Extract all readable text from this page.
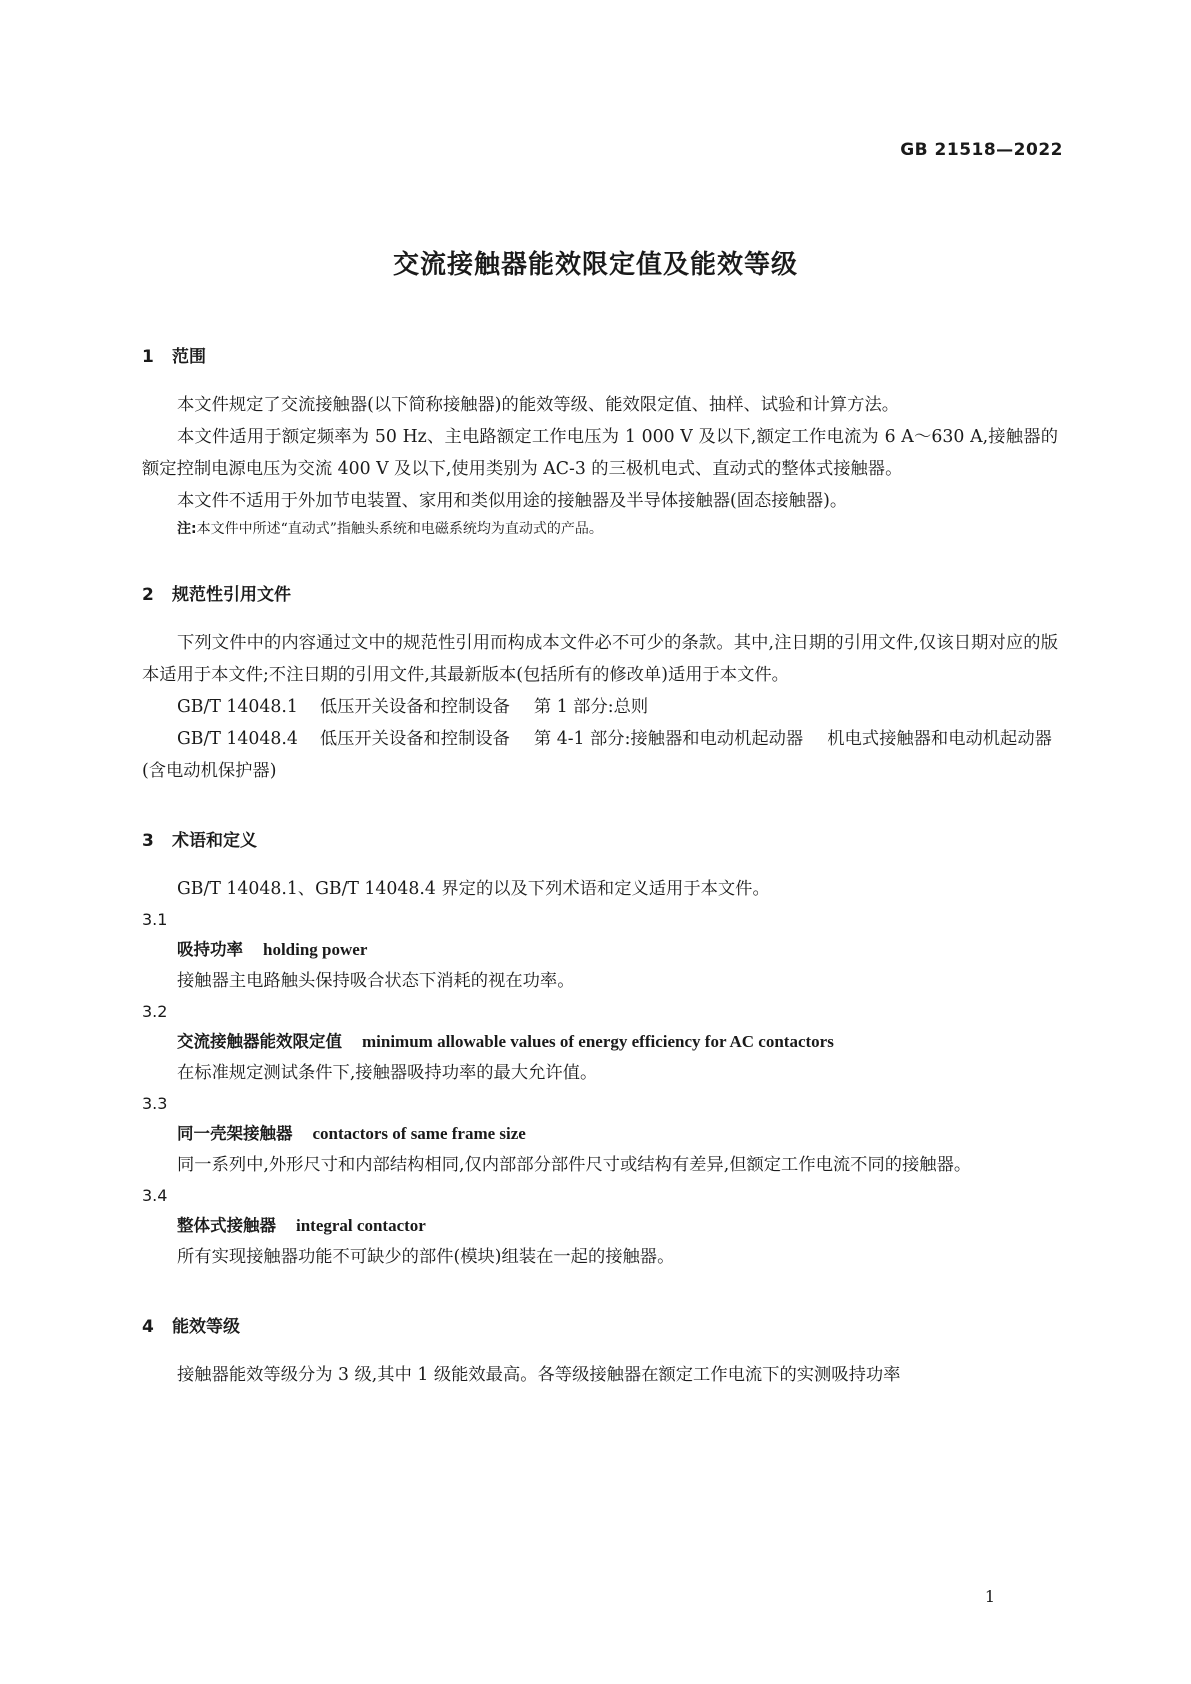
GB 21518—2022
交流接触器能效限定值及能效等级
1 范围

本文件规定了交流接触器(以下简称接触器)的能效等级、能效限定值、抽样、试验和计算方法。

本文件适用于额定频率为 50 Hz、主电路额定工作电压为 1 000 V 及以下,额定工作电流为 6 A～630 A,接触器的额定控制电源电压为交流 400 V 及以下,使用类别为 AC-3 的三极机电式、直动式的整体式接触器。

本文件不适用于外加节电装置、家用和类似用途的接触器及半导体接触器(固态接触器)。

注:本文件中所述“直动式”指触头系统和电磁系统均为直动式的产品。

2 规范性引用文件

下列文件中的内容通过文中的规范性引用而构成本文件必不可少的条款。其中,注日期的引用文件,仅该日期对应的版本适用于本文件;不注日期的引用文件,其最新版本(包括所有的修改单)适用于本文件。

GB/T 14048.1 低压开关设备和控制设备 第 1 部分:总则

GB/T 14048.4 低压开关设备和控制设备 第 4-1 部分:接触器和电动机起动器 机电式接触器和电动机起动器(含电动机保护器)

3 术语和定义

GB/T 14048.1、GB/T 14048.4 界定的以及下列术语和定义适用于本文件。

3.1

吸持功率 holding power

接触器主电路触头保持吸合状态下消耗的视在功率。

3.2

交流接触器能效限定值 minimum allowable values of energy efficiency for AC contactors

在标准规定测试条件下,接触器吸持功率的最大允许值。

3.3

同一壳架接触器 contactors of same frame size

同一系列中,外形尺寸和内部结构相同,仅内部部分部件尺寸或结构有差异,但额定工作电流不同的接触器。

3.4

整体式接触器 integral contactor

所有实现接触器功能不可缺少的部件(模块)组装在一起的接触器。

4 能效等级

接触器能效等级分为 3 级,其中 1 级能效最高。各等级接触器在额定工作电流下的实测吸持功率

1
